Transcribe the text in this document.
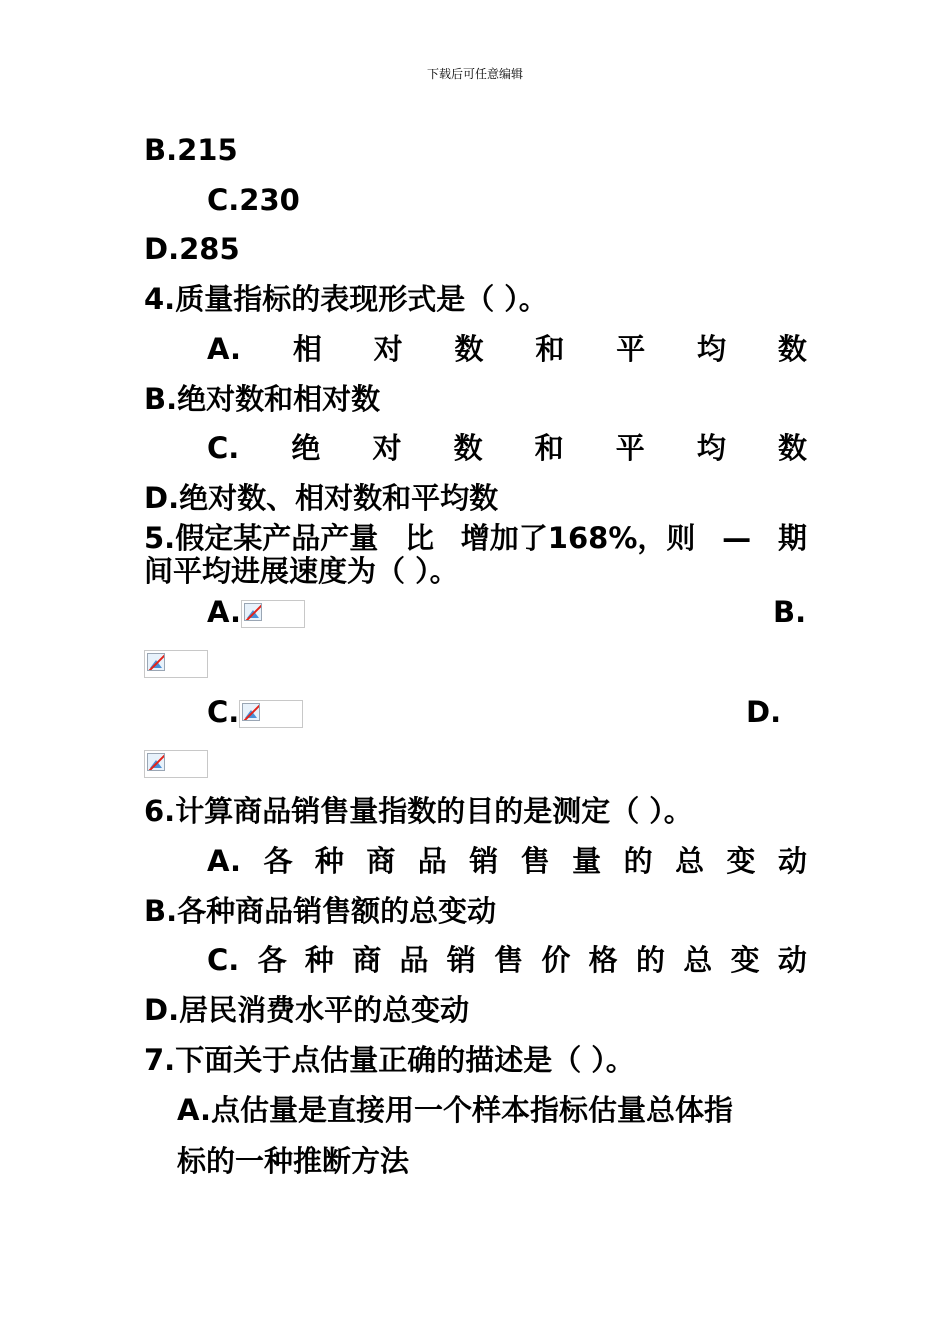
下载后可任意编辑
B.215
C.230
D.285
4.质量指标的表现形式是（ ）。
A. 相 对 数 和 平 均 数
B.绝对数和相对数
C. 绝 对 数 和 平 均 数
D.绝对数、相对数和平均数
5.假定某产品产量 比 增加了168%，则 — 期
间平均进展速度为（ ）。
A.	B.
C.	D.
6.计算商品销售量指数的目的是测定（ ）。
A. 各 种 商 品 销 售 量 的 总 变 动
B.各种商品销售额的总变动
C. 各 种 商 品 销 售 价 格 的 总 变 动
D.居民消费水平的总变动
7.下面关于点估量正确的描述是（ ）。
A.点估量是直接用一个样本指标估量总体指
标的一种推断方法
